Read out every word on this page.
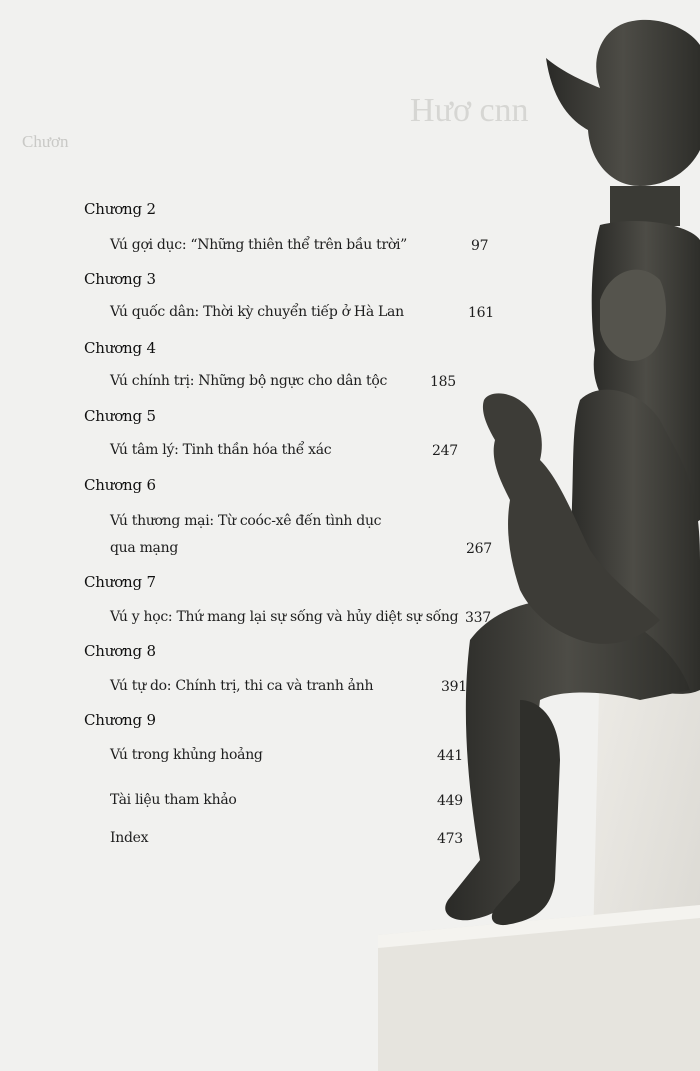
Chươn
Hươ cnn
Chương 2
Vú gợi dục: “Những thiên thể trên bầu trời”	97
Chương 3
Vú quốc dân: Thời kỳ chuyển tiếp ở Hà Lan	161
Chương 4
Vú chính trị: Những bộ ngực cho dân tộc	185
Chương 5
Vú tâm lý: Tinh thần hóa thể xác	247
Chương 6
Vú thương mại: Từ coóc-xê đến tình dục
qua mạng	267
Chương 7
Vú y học: Thứ mang lại sự sống và hủy diệt sự sống 337
Chương 8
Vú tự do: Chính trị, thi ca và tranh ảnh	391
Chương 9
Vú trong khủng hoảng	441
Tài liệu tham khảo	449
Index	473
